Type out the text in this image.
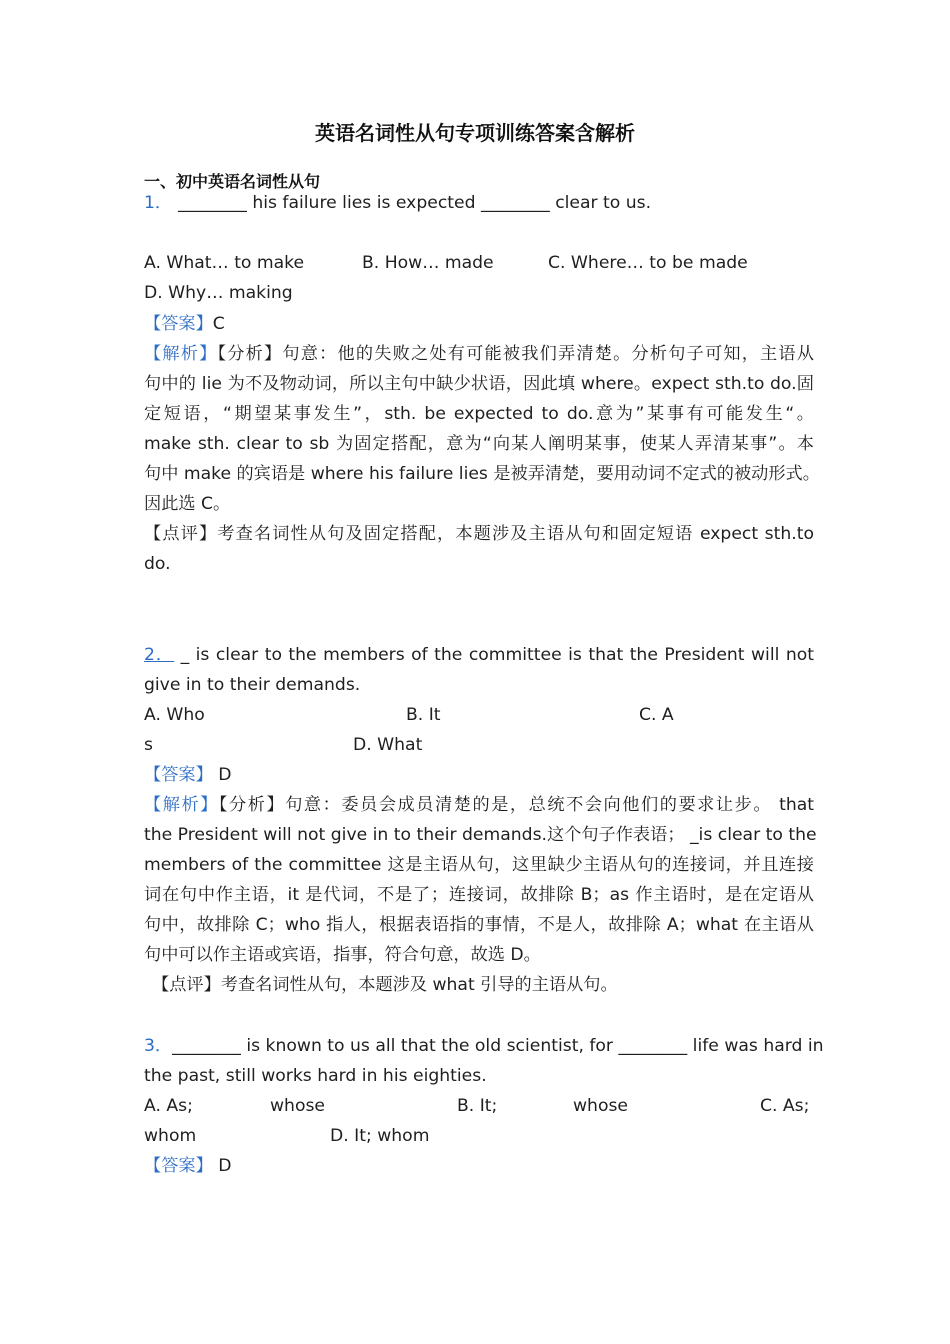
英语名词性从句专项训练答案含解析
一、初中英语名词性从句
1． ________ his failure lies is expected ________ clear to us.
A. What… to make	B. How… made	C. Where… to be made
D. Why… making
【答案】C
【解析】【分析】句意：他的失败之处有可能被我们弄清楚。分析句子可知，主语从
句中的 lie 为不及物动词，所以主句中缺少状语，因此填 where。expect sth.to do.固
定短语，“期望某事发生”，sth. be expected to do.意为”某事有可能发生“。
make sth. clear to sb 为固定搭配，意为“向某人阐明某事，使某人弄清某事”。本
句中 make 的宾语是 where his failure lies 是被弄清楚，要用动词不定式的被动形式。
因此选 C。
【点评】考查名词性从句及固定搭配，本题涉及主语从句和固定短语 expect sth.to
do.
2． _ is clear to the members of the committee is that the President will not
give in to their demands.
A. Who	B. It	C. A
s	D. What
【答案】 D
【解析】【分析】句意：委员会成员清楚的是，总统不会向他们的要求让步。 that
the President will not give in to their demands.这个句子作表语； _is clear to the
members of the committee 这是主语从句，这里缺少主语从句的连接词，并且连接
词在句中作主语，it 是代词，不是了；连接词，故排除 B；as 作主语时，是在定语从
句中，故排除 C；who 指人，根据表语指的事情，不是人，故排除 A；what 在主语从
句中可以作主语或宾语，指事，符合句意，故选 D。
【点评】考查名词性从句，本题涉及 what 引导的主语从句。
3．________ is known to us all that the old scientist, for ________ life was hard in
the past, still works hard in his eighties.
A. As;	whose	B. It;	whose	C. As;
whom	D. It; whom
【答案】 D
